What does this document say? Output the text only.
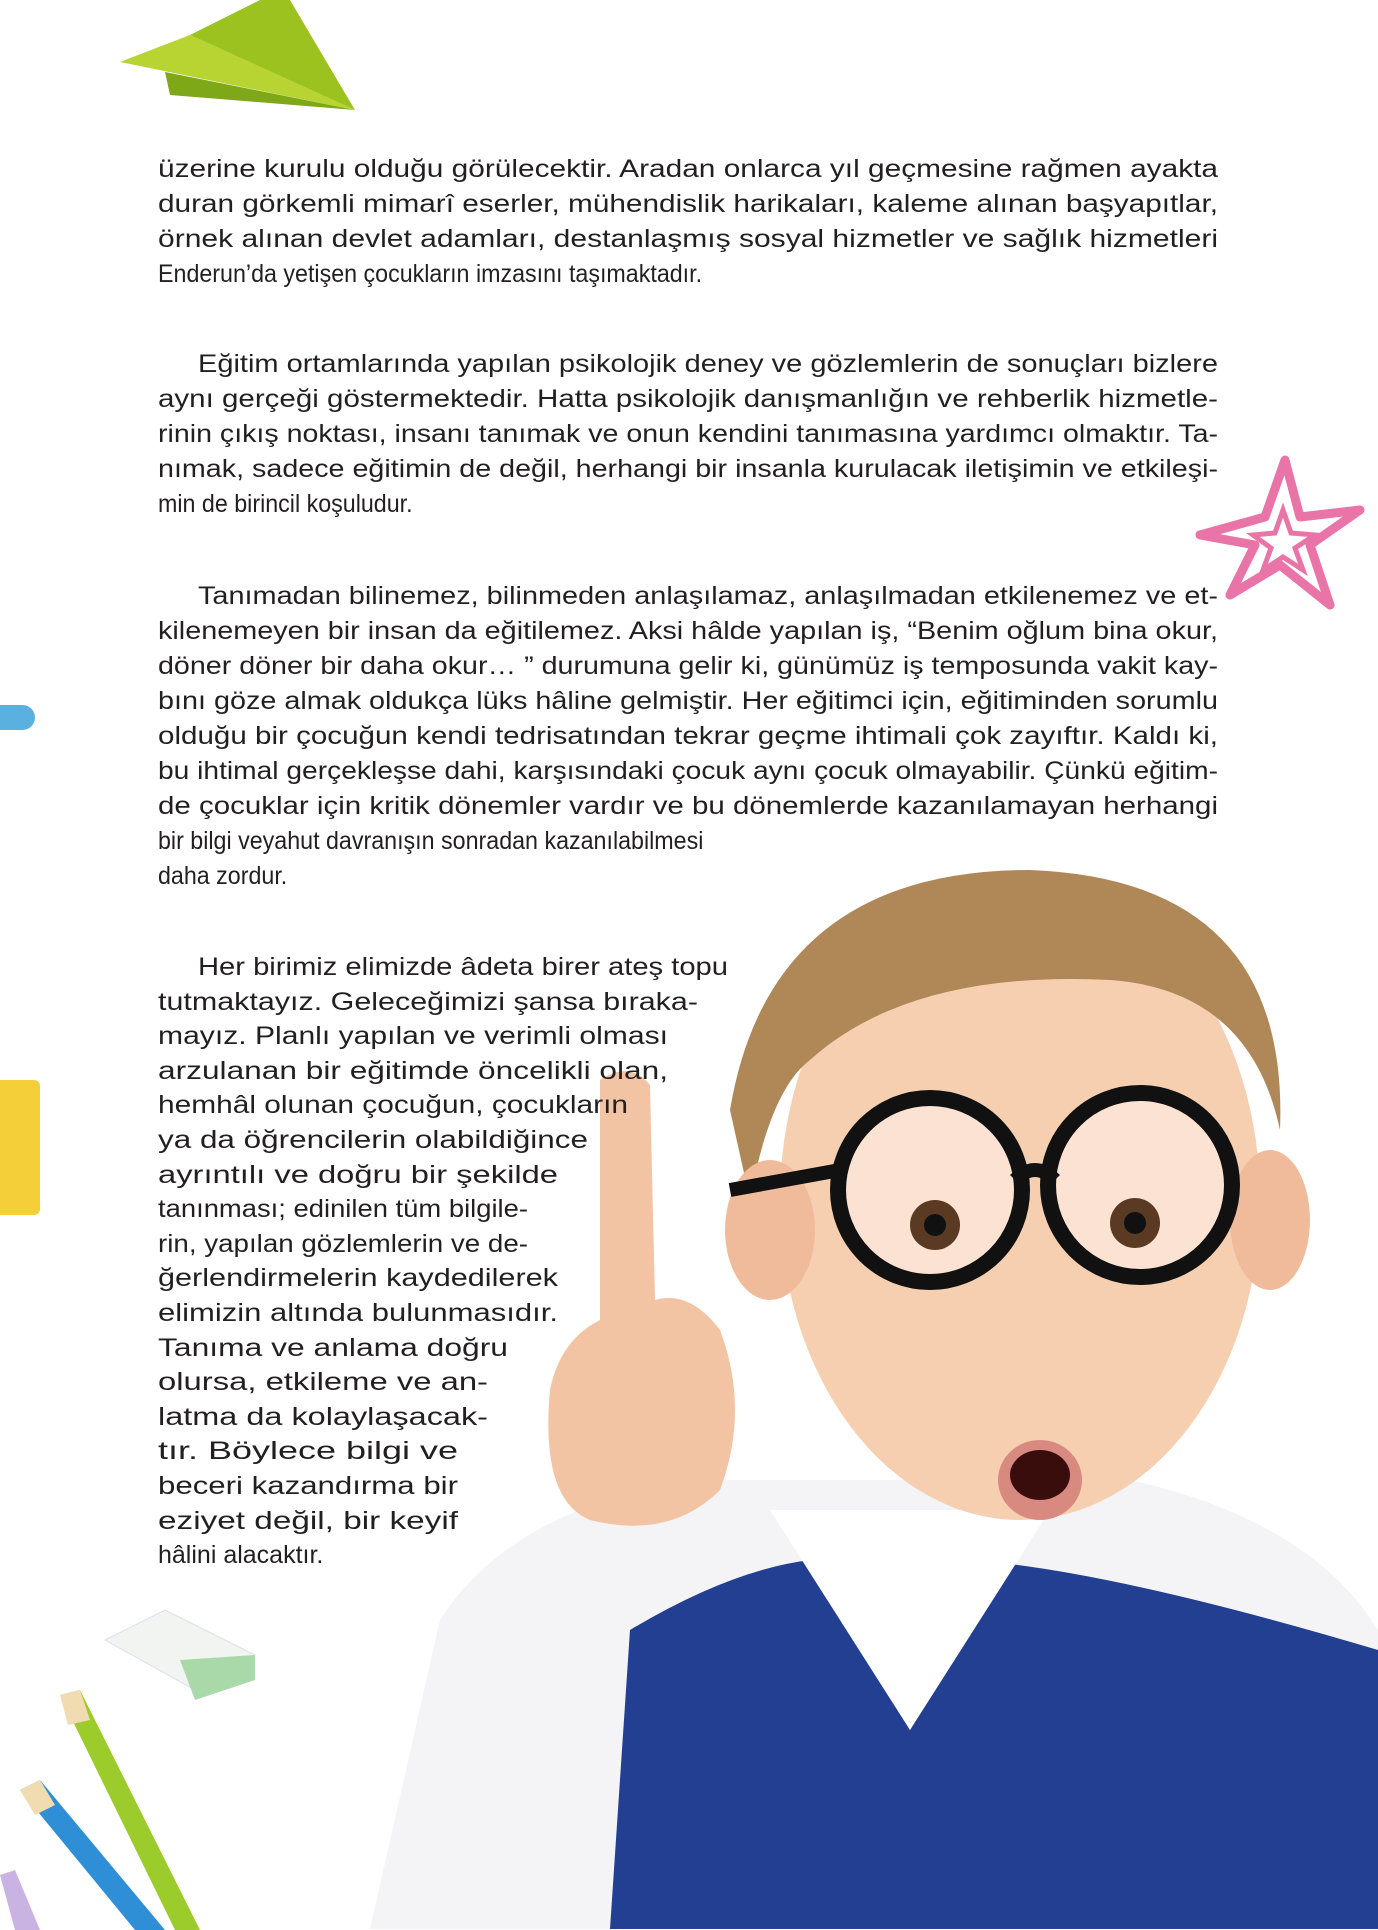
üzerine kurulu olduğu görülecektir. Aradan onlarca yıl geçmesine rağmen ayakta
duran görkemli mimarî eserler, mühendislik harikaları, kaleme alınan başyapıtlar,
örnek alınan devlet adamları, destanlaşmış sosyal hizmetler ve sağlık hizmetleri
Enderun’da yetişen çocukların imzasını taşımaktadır.
Eğitim ortamlarında yapılan psikolojik deney ve gözlemlerin de sonuçları bizlere
aynı gerçeği göstermektedir. Hatta psikolojik danışmanlığın ve rehberlik hizmetle-
rinin çıkış noktası, insanı tanımak ve onun kendini tanımasına yardımcı olmaktır. Ta-
nımak, sadece eğitimin de değil, herhangi bir insanla kurulacak iletişimin ve etkileşi-
min de birincil koşuludur.
Tanımadan bilinemez, bilinmeden anlaşılamaz, anlaşılmadan etkilenemez ve et-
kilenemeyen bir insan da eğitilemez. Aksi hâlde yapılan iş, “Benim oğlum bina okur,
döner döner bir daha okur… ” durumuna gelir ki, günümüz iş temposunda vakit kay-
bını göze almak oldukça lüks hâline gelmiştir. Her eğitimci için, eğitiminden sorumlu
olduğu bir çocuğun kendi tedrisatından tekrar geçme ihtimali çok zayıftır. Kaldı ki,
bu ihtimal gerçekleşse dahi, karşısındaki çocuk aynı çocuk olmayabilir. Çünkü eğitim-
de çocuklar için kritik dönemler vardır ve bu dönemlerde kazanılamayan herhangi
bir bilgi veyahut davranışın sonradan kazanılabilmesi
daha zordur.
Her birimiz elimizde âdeta birer ateş topu
tutmaktayız. Geleceğimizi şansa bıraka-
mayız. Planlı yapılan ve verimli olması
arzulanan bir eğitimde öncelikli olan,
hemhâl olunan çocuğun, çocukların
ya da öğrencilerin olabildiğince
ayrıntılı ve doğru bir şekilde
tanınması; edinilen tüm bilgile-
rin, yapılan gözlemlerin ve de-
ğerlendirmelerin kaydedilerek
elimizin altında bulunmasıdır.
Tanıma ve anlama doğru
olursa, etkileme ve an-
latma da kolaylaşacak-
tır. Böylece bilgi ve
beceri kazandırma bir
eziyet değil, bir keyif
hâlini alacaktır.
